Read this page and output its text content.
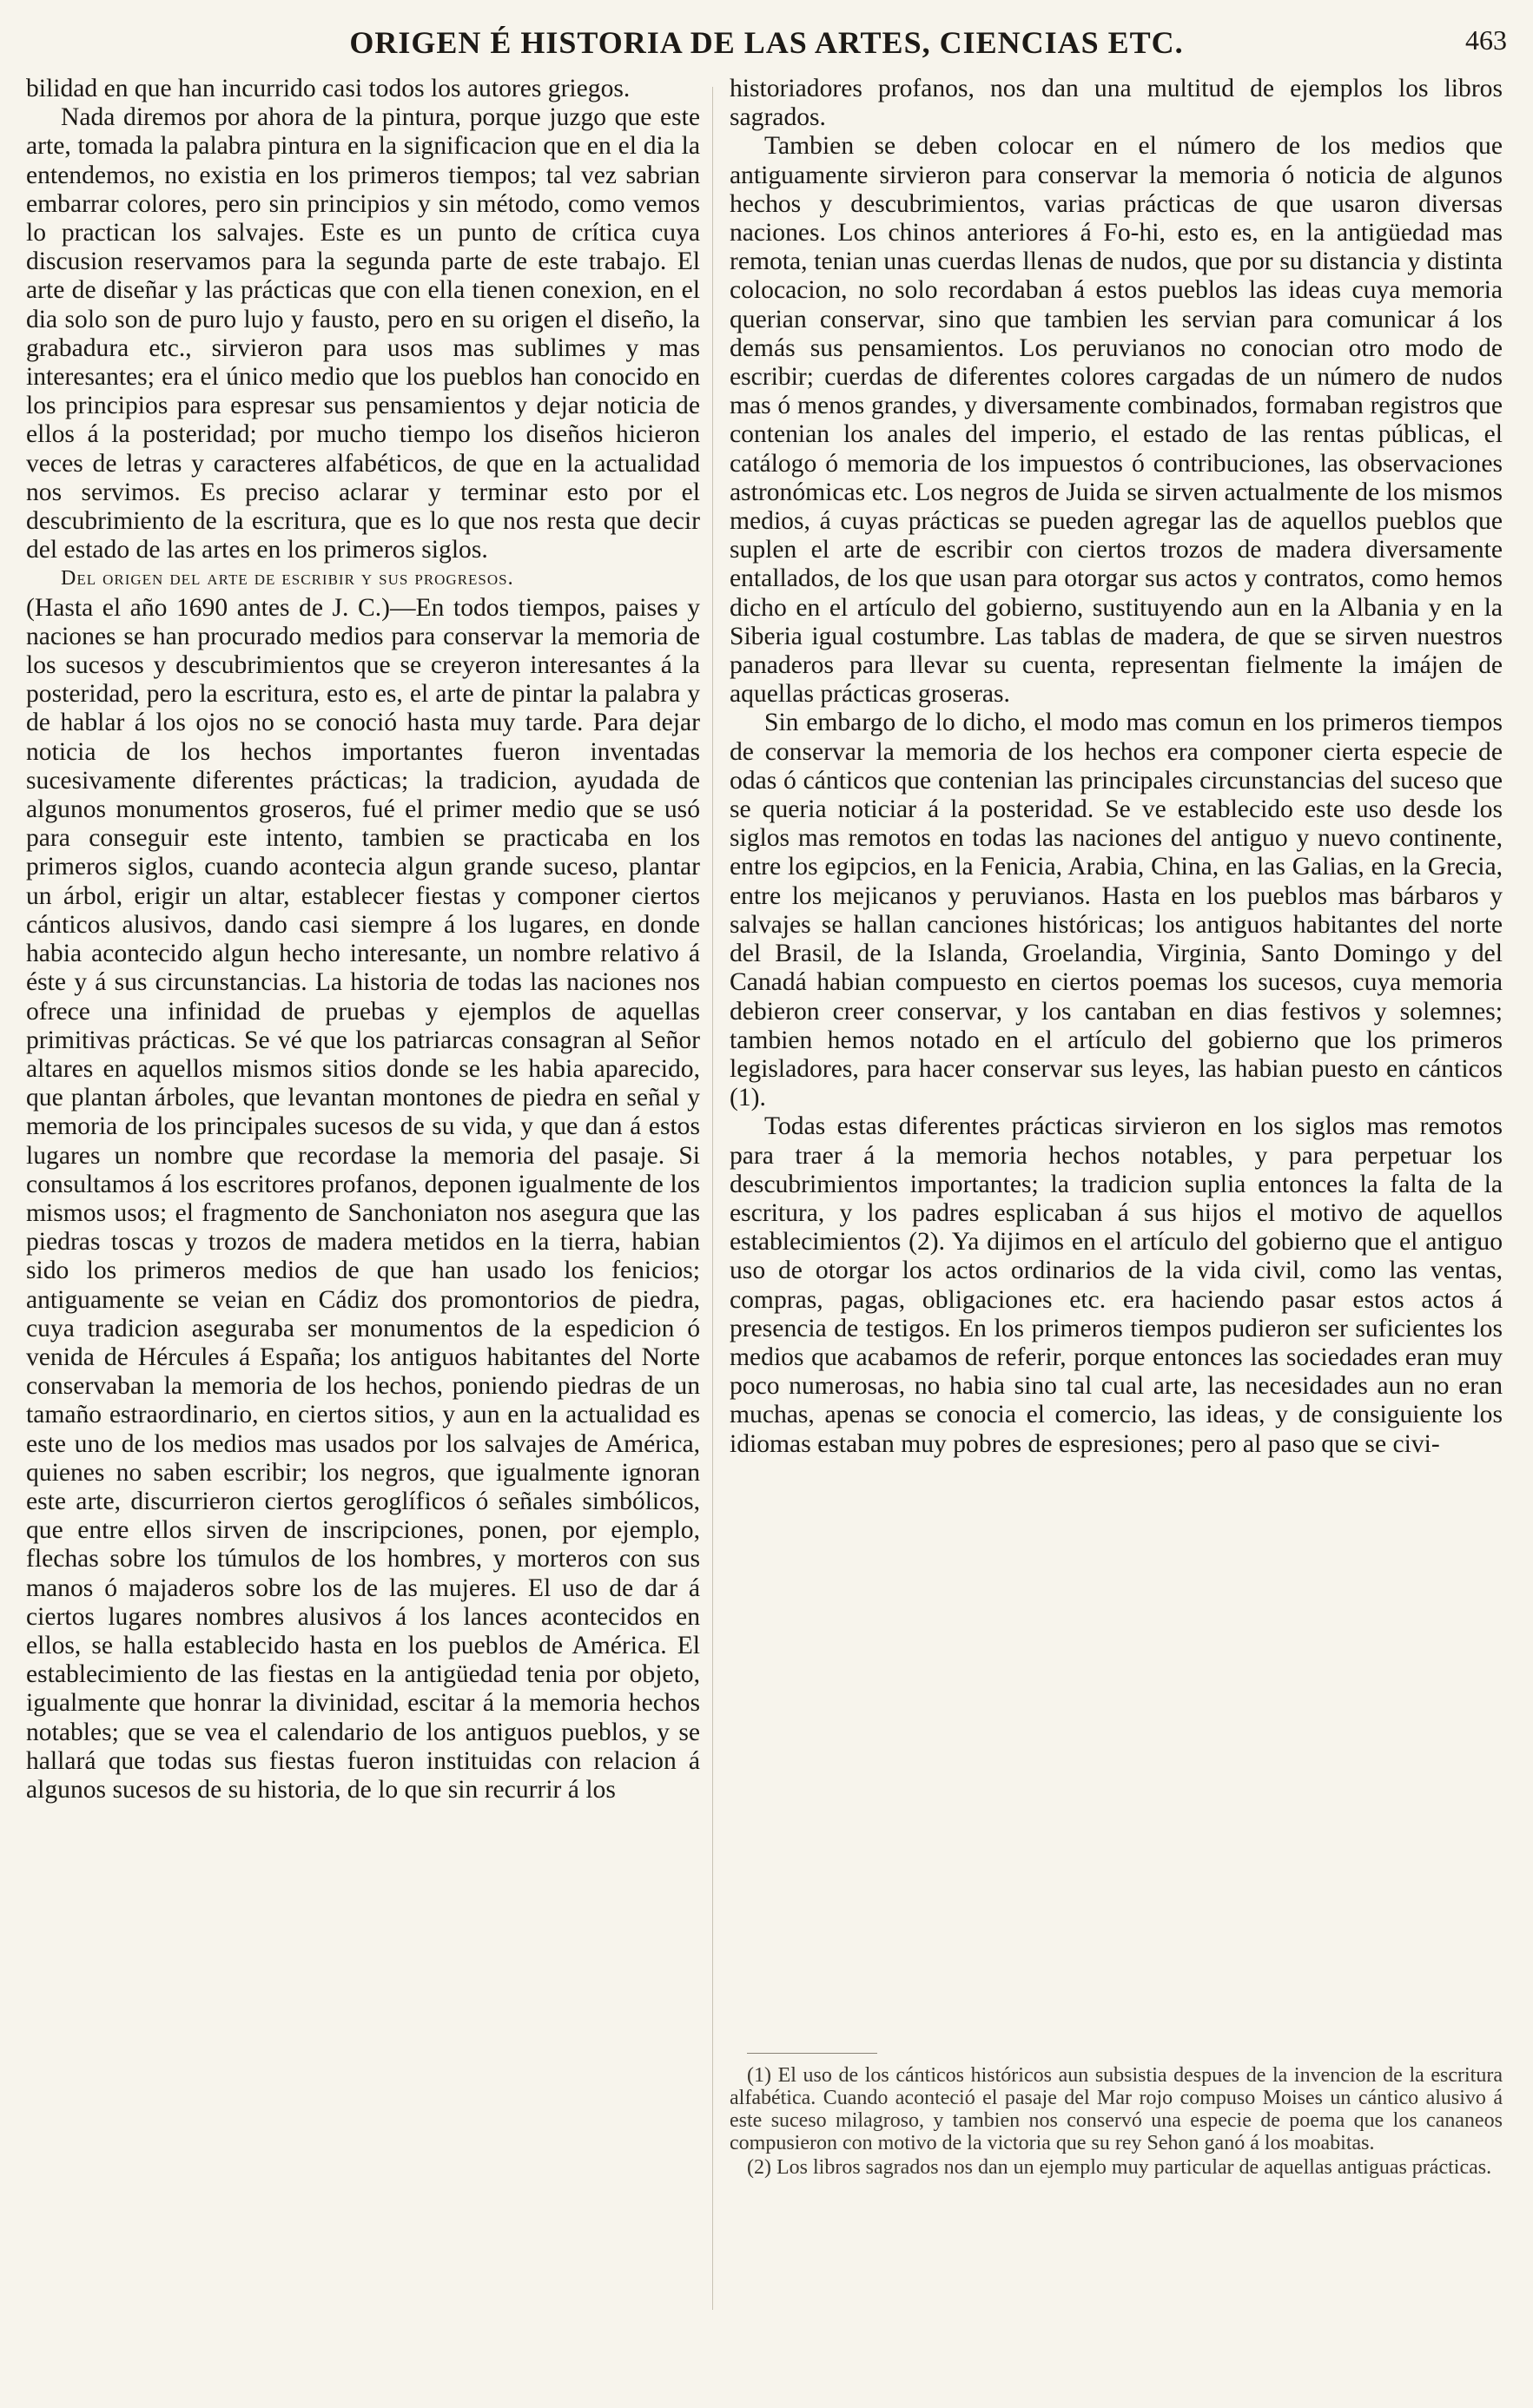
ORIGEN É HISTORIA DE LAS ARTES, CIENCIAS ETC.	463

bilidad en que han incurrido casi todos los autores griegos.

Nada diremos por ahora de la pintura, porque juzgo que este arte, tomada la palabra pintura en la significacion que en el dia la entendemos, no existia en los primeros tiempos; tal vez sabrian embarrar colores, pero sin principios y sin método, como vemos lo practican los salvajes. Este es un punto de crítica cuya discusion reservamos para la segunda parte de este trabajo. El arte de diseñar y las prácticas que con ella tienen conexion, en el dia solo son de puro lujo y fausto, pero en su origen el diseño, la grabadura etc., sirvieron para usos mas sublimes y mas interesantes; era el único medio que los pueblos han conocido en los principios para espresar sus pensamientos y dejar noticia de ellos á la posteridad; por mucho tiempo los diseños hicieron veces de letras y caracteres alfabéticos, de que en la actualidad nos servimos. Es preciso aclarar y terminar esto por el descubrimiento de la escritura, que es lo que nos resta que decir del estado de las artes en los primeros siglos.

Del origen del arte de escribir y sus progresos.

(Hasta el año 1690 antes de J. C.)—En todos tiempos, paises y naciones se han procurado medios para conservar la memoria de los sucesos y descubrimientos que se creyeron interesantes á la posteridad, pero la escritura, esto es, el arte de pintar la palabra y de hablar á los ojos no se conoció hasta muy tarde. Para dejar noticia de los hechos importantes fueron inventadas sucesivamente diferentes prácticas; la tradicion, ayudada de algunos monumentos groseros, fué el primer medio que se usó para conseguir este intento, tambien se practicaba en los primeros siglos, cuando acontecia algun grande suceso, plantar un árbol, erigir un altar, establecer fiestas y componer ciertos cánticos alusivos, dando casi siempre á los lugares, en donde habia acontecido algun hecho interesante, un nombre relativo á éste y á sus circunstancias. La historia de todas las naciones nos ofrece una infinidad de pruebas y ejemplos de aquellas primitivas prácticas. Se vé que los patriarcas consagran al Señor altares en aquellos mismos sitios donde se les habia aparecido, que plantan árboles, que levantan montones de piedra en señal y memoria de los principales sucesos de su vida, y que dan á estos lugares un nombre que recordase la memoria del pasaje. Si consultamos á los escritores profanos, deponen igualmente de los mismos usos; el fragmento de Sanchoniaton nos asegura que las piedras toscas y trozos de madera metidos en la tierra, habian sido los primeros medios de que han usado los fenicios; antiguamente se veian en Cádiz dos promontorios de piedra, cuya tradicion aseguraba ser monumentos de la espedicion ó venida de Hércules á España; los antiguos habitantes del Norte conservaban la memoria de los hechos, poniendo piedras de un tamaño estraordinario, en ciertos sitios, y aun en la actualidad es este uno de los medios mas usados por los salvajes de América, quienes no saben escribir; los negros, que igualmente ignoran este arte, discurrieron ciertos geroglíficos ó señales simbólicos, que entre ellos sirven de inscripciones, ponen, por ejemplo, flechas sobre los túmulos de los hombres, y morteros con sus manos ó majaderos sobre los de las mujeres. El uso de dar á ciertos lugares nombres alusivos á los lances acontecidos en ellos, se halla establecido hasta en los pueblos de América. El establecimiento de las fiestas en la antigüedad tenia por objeto, igualmente que honrar la divinidad, escitar á la memoria hechos notables; que se vea el calendario de los antiguos pueblos, y se hallará que todas sus fiestas fueron instituidas con relacion á algunos sucesos de su historia, de lo que sin recurrir á los

historiadores profanos, nos dan una multitud de ejemplos los libros sagrados.

Tambien se deben colocar en el número de los medios que antiguamente sirvieron para conservar la memoria ó noticia de algunos hechos y descubrimientos, varias prácticas de que usaron diversas naciones. Los chinos anteriores á Fo-hi, esto es, en la antigüedad mas remota, tenian unas cuerdas llenas de nudos, que por su distancia y distinta colocacion, no solo recordaban á estos pueblos las ideas cuya memoria querian conservar, sino que tambien les servian para comunicar á los demás sus pensamientos. Los peruvianos no conocian otro modo de escribir; cuerdas de diferentes colores cargadas de un número de nudos mas ó menos grandes, y diversamente combinados, formaban registros que contenian los anales del imperio, el estado de las rentas públicas, el catálogo ó memoria de los impuestos ó contribuciones, las observaciones astronómicas etc. Los negros de Juida se sirven actualmente de los mismos medios, á cuyas prácticas se pueden agregar las de aquellos pueblos que suplen el arte de escribir con ciertos trozos de madera diversamente entallados, de los que usan para otorgar sus actos y contratos, como hemos dicho en el artículo del gobierno, sustituyendo aun en la Albania y en la Siberia igual costumbre. Las tablas de madera, de que se sirven nuestros panaderos para llevar su cuenta, representan fielmente la imájen de aquellas prácticas groseras.

Sin embargo de lo dicho, el modo mas comun en los primeros tiempos de conservar la memoria de los hechos era componer cierta especie de odas ó cánticos que contenian las principales circunstancias del suceso que se queria noticiar á la posteridad. Se ve establecido este uso desde los siglos mas remotos en todas las naciones del antiguo y nuevo continente, entre los egipcios, en la Fenicia, Arabia, China, en las Galias, en la Grecia, entre los mejicanos y peruvianos. Hasta en los pueblos mas bárbaros y salvajes se hallan canciones históricas; los antiguos habitantes del norte del Brasil, de la Islanda, Groelandia, Virginia, Santo Domingo y del Canadá habian compuesto en ciertos poemas los sucesos, cuya memoria debieron creer conservar, y los cantaban en dias festivos y solemnes; tambien hemos notado en el artículo del gobierno que los primeros legisladores, para hacer conservar sus leyes, las habian puesto en cánticos (1).

Todas estas diferentes prácticas sirvieron en los siglos mas remotos para traer á la memoria hechos notables, y para perpetuar los descubrimientos importantes; la tradicion suplia entonces la falta de la escritura, y los padres esplicaban á sus hijos el motivo de aquellos establecimientos (2). Ya dijimos en el artículo del gobierno que el antiguo uso de otorgar los actos ordinarios de la vida civil, como las ventas, compras, pagas, obligaciones etc. era haciendo pasar estos actos á presencia de testigos. En los primeros tiempos pudieron ser suficientes los medios que acabamos de referir, porque entonces las sociedades eran muy poco numerosas, no habia sino tal cual arte, las necesidades aun no eran muchas, apenas se conocia el comercio, las ideas, y de consiguiente los idiomas estaban muy pobres de espresiones; pero al paso que se civi-

(1) El uso de los cánticos históricos aun subsistia despues de la invencion de la escritura alfabética. Cuando aconteció el pasaje del Mar rojo compuso Moises un cántico alusivo á este suceso milagroso, y tambien nos conservó una especie de poema que los cananeos compusieron con motivo de la victoria que su rey Sehon ganó á los moabitas.

(2) Los libros sagrados nos dan un ejemplo muy particular de aquellas antiguas prácticas.
